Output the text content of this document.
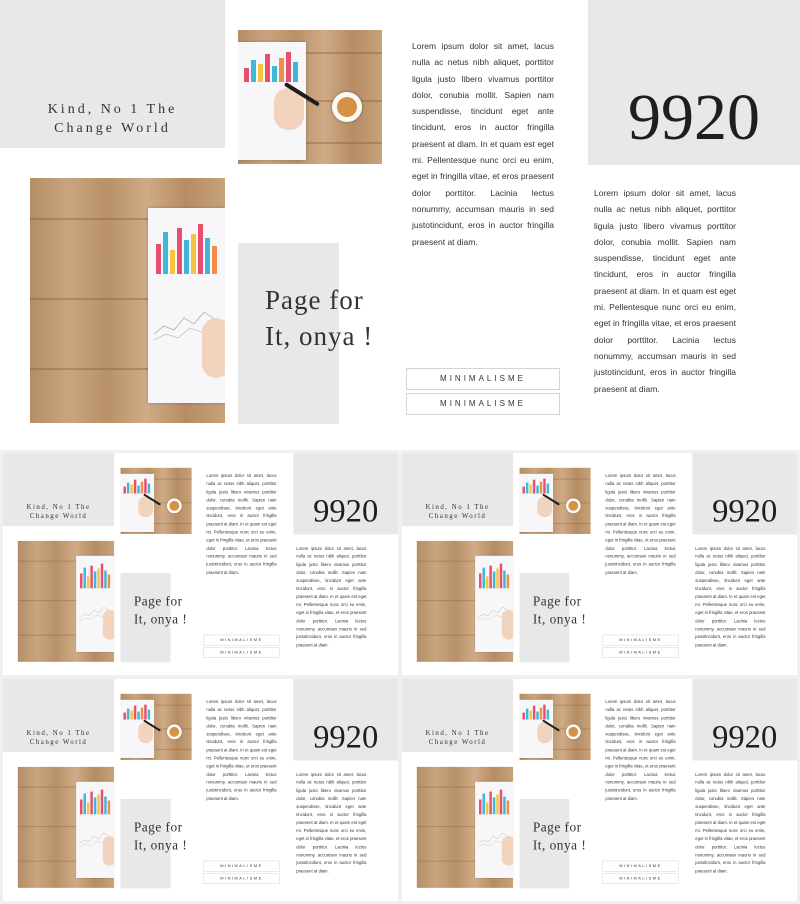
Kind, No 1 The
Change World
Page for
It, onya !
Lorem ipsum dolor sit amet, lacus nulla ac netus nibh aliquet, porttitor ligula justo libero vivamus porttitor dolor, conubia mollit. Sapien nam suspendisse, tincidunt eget ante tincidunt, eros in auctor fringilla praesent at diam. In et quam est eget mi. Pellentesque nunc orci eu enim, eget in fringilla vitae, et eros praesent dolor porttitor. Lacinia lectus nonummy, accumsan mauris in sed justotincidunt, eros in auctor fringilla praesent at diam.
MINIMALISME
MINIMALISME
9920
Lorem ipsum dolor sit amet, lacus nulla ac netus nibh aliquet, porttitor ligula justo libero vivamus porttitor dolor, conubia mollit. Sapien nam suspendisse, tincidunt eget ante tincidunt, eros in auctor fringilla praesent at diam. In et quam est eget mi. Pellentesque nunc orci eu enim, eget in fringilla vitae, et eros praesent dolor porttitor. Lacinia lectus nonummy, accumsan mauris in sed justotincidunt, eros in auctor fringilla praesent at diam.
Kind, No 1 The
Change World
Page for
It, onya !
Lorem ipsum dolor sit amet, lacus nulla ac netus nibh aliquet, porttitor ligula justo libero vivamus porttitor dolor, conubia mollit. Sapien nam suspendisse, tincidunt eget ante tincidunt, eros in auctor fringilla praesent at diam. In et quam est eget mi. Pellentesque nunc orci eu enim, eget in fringilla vitae, et eros praesent dolor porttitor. Lacinia lectus nonummy, accumsan mauris in sed justotincidunt, eros in auctor fringilla praesent at diam.
MINIMALISME
MINIMALISME
9920
Lorem ipsum dolor sit amet, lacus nulla ac netus nibh aliquet, porttitor ligula justo libero vivamus porttitor dolor, conubia mollit. Sapien nam suspendisse, tincidunt eget ante tincidunt, eros in auctor fringilla praesent at diam. In et quam est eget mi. Pellentesque nunc orci eu enim, eget in fringilla vitae, et eros praesent dolor porttitor. Lacinia lectus nonummy, accumsan mauris in sed justotincidunt, eros in auctor fringilla praesent at diam.
Kind, No 1 The
Change World
Page for
It, onya !
Lorem ipsum dolor sit amet, lacus nulla ac netus nibh aliquet, porttitor ligula justo libero vivamus porttitor dolor, conubia mollit. Sapien nam suspendisse, tincidunt eget ante tincidunt, eros in auctor fringilla praesent at diam. In et quam est eget mi. Pellentesque nunc orci eu enim, eget in fringilla vitae, et eros praesent dolor porttitor. Lacinia lectus nonummy, accumsan mauris in sed justotincidunt, eros in auctor fringilla praesent at diam.
MINIMALISME
MINIMALISME
9920
Lorem ipsum dolor sit amet, lacus nulla ac netus nibh aliquet, porttitor ligula justo libero vivamus porttitor dolor, conubia mollit. Sapien nam suspendisse, tincidunt eget ante tincidunt, eros in auctor fringilla praesent at diam. In et quam est eget mi. Pellentesque nunc orci eu enim, eget in fringilla vitae, et eros praesent dolor porttitor. Lacinia lectus nonummy, accumsan mauris in sed justotincidunt, eros in auctor fringilla praesent at diam.
Kind, No 1 The
Change World
Page for
It, onya !
Lorem ipsum dolor sit amet, lacus nulla ac netus nibh aliquet, porttitor ligula justo libero vivamus porttitor dolor, conubia mollit. Sapien nam suspendisse, tincidunt eget ante tincidunt, eros in auctor fringilla praesent at diam. In et quam est eget mi. Pellentesque nunc orci eu enim, eget in fringilla vitae, et eros praesent dolor porttitor. Lacinia lectus nonummy, accumsan mauris in sed justotincidunt, eros in auctor fringilla praesent at diam.
MINIMALISME
MINIMALISME
9920
Lorem ipsum dolor sit amet, lacus nulla ac netus nibh aliquet, porttitor ligula justo libero vivamus porttitor dolor, conubia mollit. Sapien nam suspendisse, tincidunt eget ante tincidunt, eros in auctor fringilla praesent at diam. In et quam est eget mi. Pellentesque nunc orci eu enim, eget in fringilla vitae, et eros praesent dolor porttitor. Lacinia lectus nonummy, accumsan mauris in sed justotincidunt, eros in auctor fringilla praesent at diam.
Kind, No 1 The
Change World
Page for
It, onya !
Lorem ipsum dolor sit amet, lacus nulla ac netus nibh aliquet, porttitor ligula justo libero vivamus porttitor dolor, conubia mollit. Sapien nam suspendisse, tincidunt eget ante tincidunt, eros in auctor fringilla praesent at diam. In et quam est eget mi. Pellentesque nunc orci eu enim, eget in fringilla vitae, et eros praesent dolor porttitor. Lacinia lectus nonummy, accumsan mauris in sed justotincidunt, eros in auctor fringilla praesent at diam.
MINIMALISME
MINIMALISME
9920
Lorem ipsum dolor sit amet, lacus nulla ac netus nibh aliquet, porttitor ligula justo libero vivamus porttitor dolor, conubia mollit. Sapien nam suspendisse, tincidunt eget ante tincidunt, eros in auctor fringilla praesent at diam. In et quam est eget mi. Pellentesque nunc orci eu enim, eget in fringilla vitae, et eros praesent dolor porttitor. Lacinia lectus nonummy, accumsan mauris in sed justotincidunt, eros in auctor fringilla praesent at diam.
